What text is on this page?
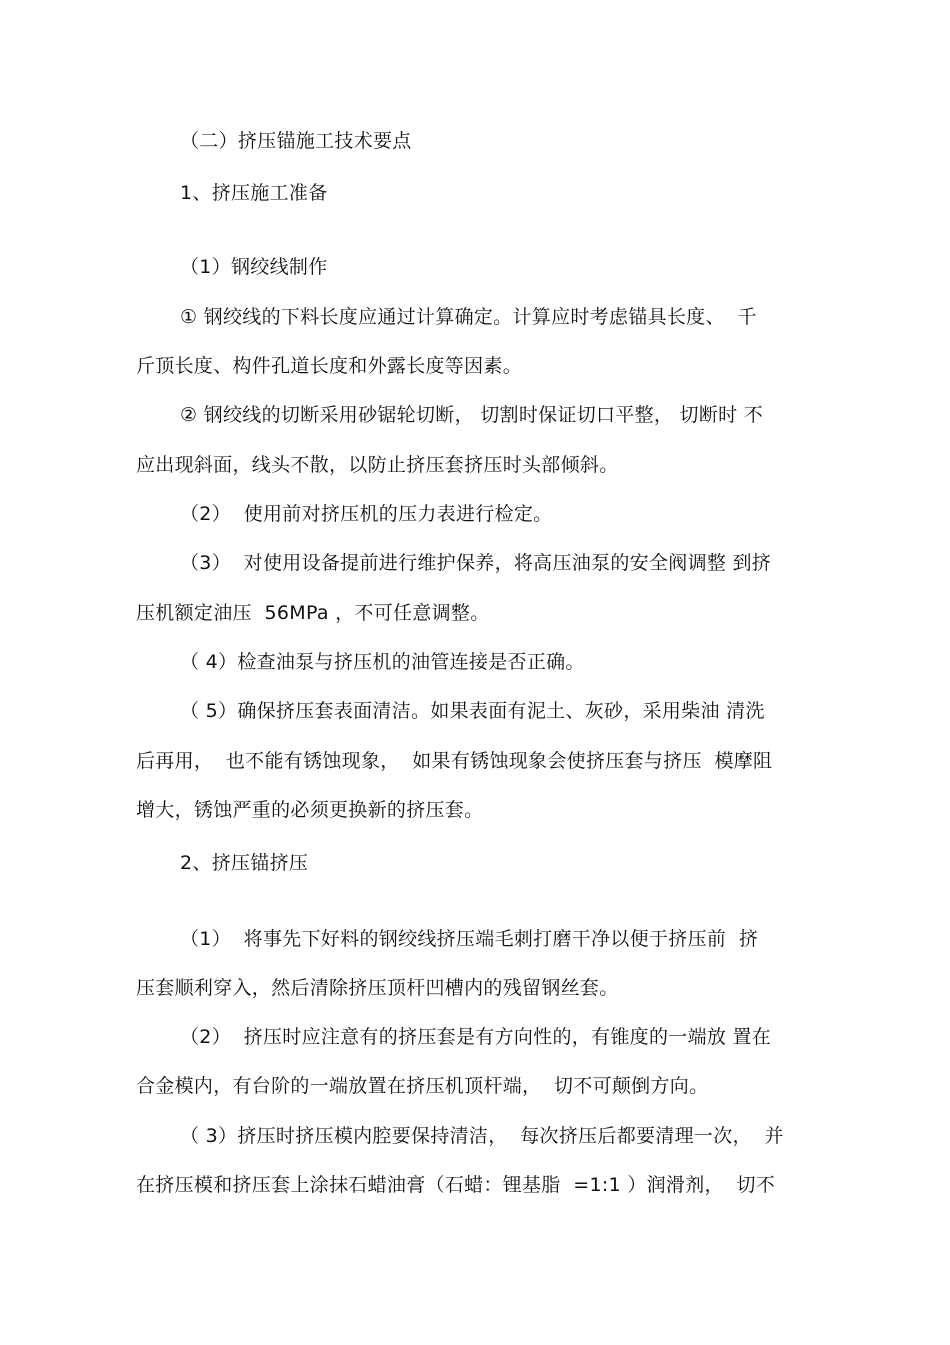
（二）挤压锚施工技术要点
1、挤压施工准备
（1）钢绞线制作
① 钢绞线的下料长度应通过计算确定。计算应时考虑锚具长度、  千
斤顶长度、构件孔道长度和外露长度等因素。
② 钢绞线的切断采用砂锯轮切断， 切割时保证切口平整， 切断时 不
应出现斜面，线头不散，以防止挤压套挤压时头部倾斜。
（2）  使用前对挤压机的压力表进行检定。
（3）  对使用设备提前进行维护保养，将高压油泵的安全阀调整 到挤
压机额定油压  56MPa ，不可任意调整。
（ 4）检查油泵与挤压机的油管连接是否正确。
（ 5）确保挤压套表面清洁。如果表面有泥土、灰砂，采用柴油 清洗
后再用，  也不能有锈蚀现象，  如果有锈蚀现象会使挤压套与挤压  模摩阻
增大，锈蚀严重的必须更换新的挤压套。
2、挤压锚挤压
（1）  将事先下好料的钢绞线挤压端毛刺打磨干净以便于挤压前  挤
压套顺利穿入，然后清除挤压顶杆凹槽内的残留钢丝套。
（2）  挤压时应注意有的挤压套是有方向性的，有锥度的一端放 置在
合金模内，有台阶的一端放置在挤压机顶杆端，  切不可颠倒方向。
（ 3）挤压时挤压模内腔要保持清洁，  每次挤压后都要清理一次，  并
在挤压模和挤压套上涂抹石蜡油膏（石蜡：锂基脂  =1:1 ）润滑剂，  切不
